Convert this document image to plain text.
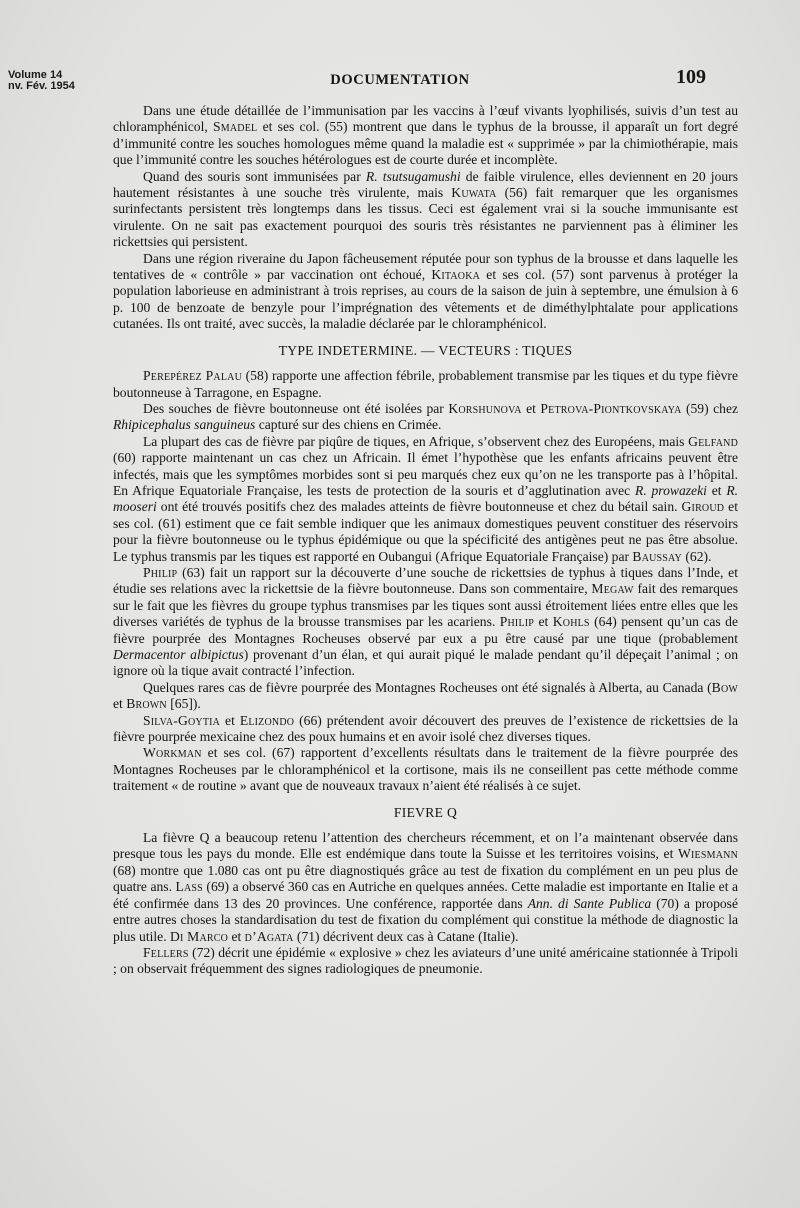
Volume 14
nv. Fév. 1954	DOCUMENTATION	109

Dans une étude détaillée de l’immunisation par les vaccins à l’œuf vivants lyophilisés, suivis d’un test au chloramphénicol, Smadel et ses col. (55) montrent que dans le typhus de la brousse, il apparaît un fort degré d’immunité contre les souches homologues même quand la maladie est « supprimée » par la chimiothérapie, mais que l’immunité contre les souches hétérologues est de courte durée et incomplète.

Quand des souris sont immunisées par R. tsutsugamushi de faible virulence, elles deviennent en 20 jours hautement résistantes à une souche très virulente, mais Kuwata (56) fait remarquer que les organismes surinfectants persistent très longtemps dans les tissus. Ceci est également vrai si la souche immunisante est virulente. On ne sait pas exactement pourquoi des souris très résistantes ne parviennent pas à éliminer les rickettsies qui persistent.

Dans une région riveraine du Japon fâcheusement réputée pour son typhus de la brousse et dans laquelle les tentatives de « contrôle » par vaccination ont échoué, Kitaoka et ses col. (57) sont parvenus à protéger la population laborieuse en administrant à trois reprises, au cours de la saison de juin à septembre, une émulsion à 6 p. 100 de benzoate de benzyle pour l’imprégnation des vêtements et de diméthylphtalate pour applications cutanées. Ils ont traité, avec succès, la maladie déclarée par le chloramphénicol.

TYPE INDETERMINE. — VECTEURS : TIQUES

Perepérez Palau (58) rapporte une affection fébrile, probablement transmise par les tiques et du type fièvre boutonneuse à Tarragone, en Espagne.

Des souches de fièvre boutonneuse ont été isolées par Korshunova et Petrova-Piontkovskaya (59) chez Rhipicephalus sanguineus capturé sur des chiens en Crimée.

La plupart des cas de fièvre par piqûre de tiques, en Afrique, s’observent chez des Européens, mais Gelfand (60) rapporte maintenant un cas chez un Africain. Il émet l’hypothèse que les enfants africains peuvent être infectés, mais que les symptômes morbides sont si peu marqués chez eux qu’on ne les transporte pas à l’hôpital. En Afrique Equatoriale Française, les tests de protection de la souris et d’agglutination avec R. prowazeki et R. mooseri ont été trouvés positifs chez des malades atteints de fièvre boutonneuse et chez du bétail sain. Giroud et ses col. (61) estiment que ce fait semble indiquer que les animaux domestiques peuvent constituer des réservoirs pour la fièvre boutonneuse ou le typhus épidémique ou que la spécificité des antigènes peut ne pas être absolue. Le typhus transmis par les tiques est rapporté en Oubangui (Afrique Equatoriale Française) par Baussay (62).

Philip (63) fait un rapport sur la découverte d’une souche de rickettsies de typhus à tiques dans l’Inde, et étudie ses relations avec la rickettsie de la fièvre boutonneuse. Dans son commentaire, Megaw fait des remarques sur le fait que les fièvres du groupe typhus transmises par les tiques sont aussi étroitement liées entre elles que les diverses variétés de typhus de la brousse transmises par les acariens. Philip et Kohls (64) pensent qu’un cas de fièvre pourprée des Montagnes Rocheuses observé par eux a pu être causé par une tique (probablement Dermacentor albipictus) provenant d’un élan, et qui aurait piqué le malade pendant qu’il dépeçait l’animal ; on ignore où la tique avait contracté l’infection.

Quelques rares cas de fièvre pourprée des Montagnes Rocheuses ont été signalés à Alberta, au Canada (Bow et Brown [65]).

Silva-Goytia et Elizondo (66) prétendent avoir découvert des preuves de l’existence de rickettsies de la fièvre pourprée mexicaine chez des poux humains et en avoir isolé chez diverses tiques.

Workman et ses col. (67) rapportent d’excellents résultats dans le traitement de la fièvre pourprée des Montagnes Rocheuses par le chloramphénicol et la cortisone, mais ils ne conseillent pas cette méthode comme traitement « de routine » avant que de nouveaux travaux n’aient été réalisés à ce sujet.

FIEVRE Q

La fièvre Q a beaucoup retenu l’attention des chercheurs récemment, et on l’a maintenant observée dans presque tous les pays du monde. Elle est endémique dans toute la Suisse et les territoires voisins, et Wiesmann (68) montre que 1.080 cas ont pu être diagnostiqués grâce au test de fixation du complément en un peu plus de quatre ans. Lass (69) a observé 360 cas en Autriche en quelques années. Cette maladie est importante en Italie et a été confirmée dans 13 des 20 provinces. Une conférence, rapportée dans Ann. di Sante Publica (70) a proposé entre autres choses la standardisation du test de fixation du complément qui constitue la méthode de diagnostic la plus utile. Di Marco et d’Agata (71) décrivent deux cas à Catane (Italie).

Fellers (72) décrit une épidémie « explosive » chez les aviateurs d’une unité américaine stationnée à Tripoli ; on observait fréquemment des signes radiologiques de pneumonie.
